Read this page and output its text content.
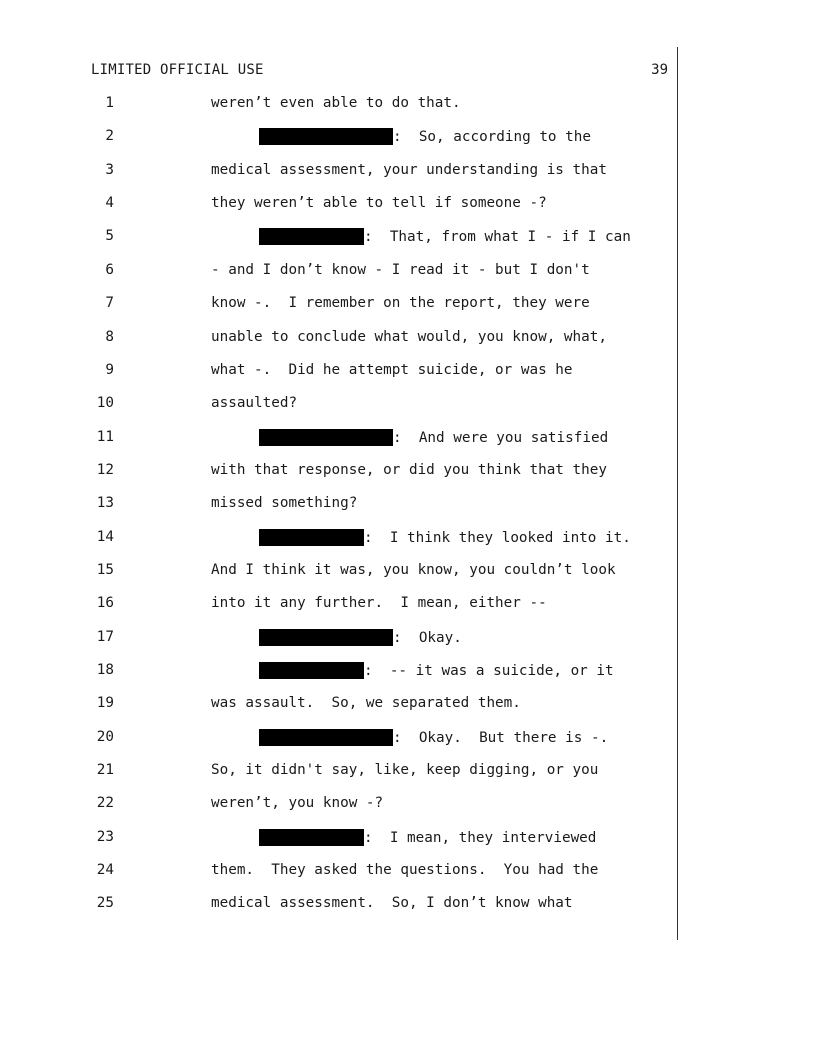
LIMITED OFFICIAL USE	39
1	weren’t even able to do that.
2	:  So, according to the
3	medical assessment, your understanding is that
4	they weren’t able to tell if someone -?
5	:  That, from what I - if I can
6	- and I don’t know - I read it - but I don't
7	know -.  I remember on the report, they were
8	unable to conclude what would, you know, what,
9	what -.  Did he attempt suicide, or was he
10	assaulted?
11	:  And were you satisfied
12	with that response, or did you think that they
13	missed something?
14	:  I think they looked into it.
15	And I think it was, you know, you couldn’t look
16	into it any further.  I mean, either --
17	:  Okay.
18	:  -- it was a suicide, or it
19	was assault.  So, we separated them.
20	:  Okay.  But there is -.
21	So, it didn't say, like, keep digging, or you
22	weren’t, you know -?
23	:  I mean, they interviewed
24	them.  They asked the questions.  You had the
25	medical assessment.  So, I don’t know what
